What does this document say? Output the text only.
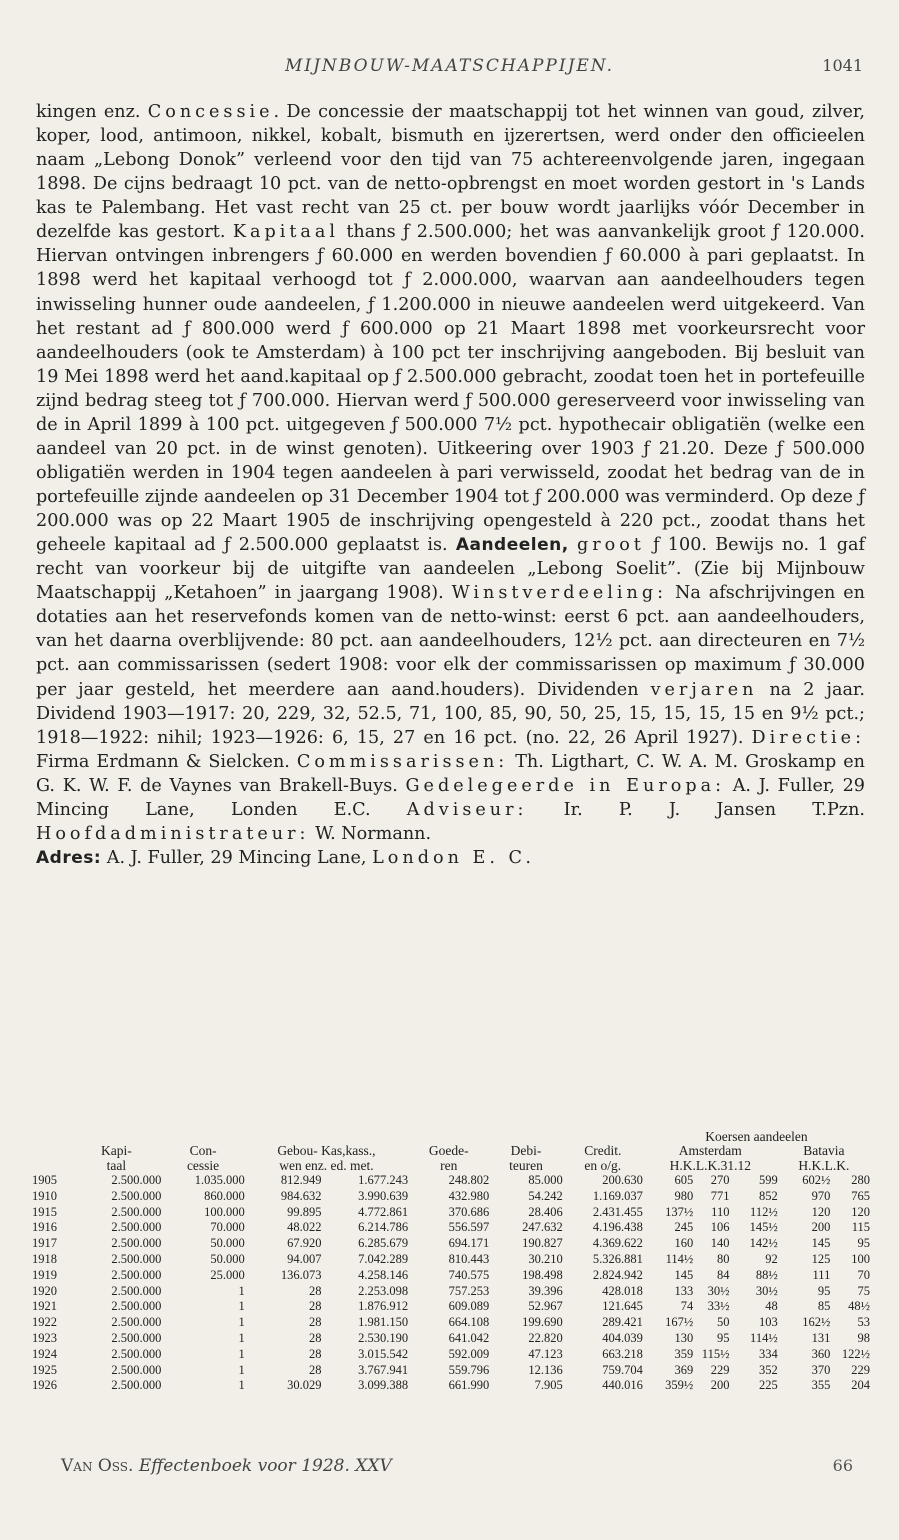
MIJNBOUW-MAATSCHAPPIJEN.	1041
kingen enz. Concessie. De concessie der maatschappij tot het winnen van goud, zilver, koper, lood, antimoon, nikkel, kobalt, bismuth en ijzerertsen, werd onder den officieelen naam „Lebong Donok” verleend voor den tijd van 75 achtereenvolgende jaren, ingegaan 1898. De cijns bedraagt 10 pct. van de netto-opbrengst en moet worden gestort in 's Lands kas te Palembang. Het vast recht van 25 ct. per bouw wordt jaarlijks vóór December in dezelfde kas gestort. Kapitaal thans ƒ 2.500.000; het was aanvankelijk groot ƒ 120.000. Hiervan ontvingen inbrengers ƒ 60.000 en werden bovendien ƒ 60.000 à pari geplaatst. In 1898 werd het kapitaal verhoogd tot ƒ 2.000.000, waarvan aan aandeelhouders tegen inwisseling hunner oude aandeelen, ƒ 1.200.000 in nieuwe aandeelen werd uitgekeerd. Van het restant ad ƒ 800.000 werd ƒ 600.000 op 21 Maart 1898 met voorkeursrecht voor aandeelhouders (ook te Amsterdam) à 100 pct ter inschrijving aangeboden. Bij besluit van 19 Mei 1898 werd het aand.kapitaal op ƒ 2.500.000 gebracht, zoodat toen het in portefeuille zijnd bedrag steeg tot ƒ 700.000. Hiervan werd ƒ 500.000 gereserveerd voor inwisseling van de in April 1899 à 100 pct. uitgegeven ƒ 500.000 7½ pct. hypothecair obligatiën (welke een aandeel van 20 pct. in de winst genoten). Uitkeering over 1903 ƒ 21.20. Deze ƒ 500.000 obligatiën werden in 1904 tegen aandeelen à pari verwisseld, zoodat het bedrag van de in portefeuille zijnde aandeelen op 31 December 1904 tot ƒ 200.000 was verminderd. Op deze ƒ 200.000 was op 22 Maart 1905 de inschrijving opengesteld à 220 pct., zoodat thans het geheele kapitaal ad ƒ 2.500.000 geplaatst is. Aandeelen, groot ƒ 100. Bewijs no. 1 gaf recht van voorkeur bij de uitgifte van aandeelen „Lebong Soelit”. (Zie bij Mijnbouw Maatschappij „Ketahoen” in jaargang 1908). Winstverdeeling: Na afschrijvingen en dotaties aan het reservefonds komen van de netto-winst: eerst 6 pct. aan aandeelhouders, van het daarna overblijvende: 80 pct. aan aandeelhouders, 12½ pct. aan directeuren en 7½ pct. aan commissarissen (sedert 1908: voor elk der commissarissen op maximum ƒ 30.000 per jaar gesteld, het meerdere aan aand.houders). Dividenden verjaren na 2 jaar. Dividend 1903—1917: 20, 229, 32, 52.5, 71, 100, 85, 90, 50, 25, 15, 15, 15, 15 en 9½ pct.; 1918—1922: nihil; 1923—1926: 6, 15, 27 en 16 pct. (no. 22, 26 April 1927). Directie: Firma Erdmann & Sielcken. Commissarissen: Th. Ligthart, C. W. A. M. Groskamp en G. K. W. F. de Vaynes van Brakell-Buys. Gedelegeerde in Europa: A. J. Fuller, 29 Mincing Lane, Londen E.C. Adviseur: Ir. P. J. Jansen T.Pzn. Hoofdadministrateur: W. Normann.
Adres: A. J. Fuller, 29 Mincing Lane, London E. C.
								Koersen aandeelen				
	Kapi-	Con-	Gebou- Kas,kass.,		Goede-	Debi-	Credit.	Amsterdam			Batavia	
	taal	cessie	wen enz. ed. met.		ren	teuren	en o/g.	H.K.L.K.31.12			H.K.L.K.	
1905	2.500.000	1.035.000	812.949	1.677.243	248.802	85.000	200.630	605	270	599	602½	280
1910	2.500.000	860.000	984.632	3.990.639	432.980	54.242	1.169.037	980	771	852	970	765
1915	2.500.000	100.000	99.895	4.772.861	370.686	28.406	2.431.455	137½	110	112½	120	120
1916	2.500.000	70.000	48.022	6.214.786	556.597	247.632	4.196.438	245	106	145½	200	115
1917	2.500.000	50.000	67.920	6.285.679	694.171	190.827	4.369.622	160	140	142½	145	95
1918	2.500.000	50.000	94.007	7.042.289	810.443	30.210	5.326.881	114½	80	92	125	100
1919	2.500.000	25.000	136.073	4.258.146	740.575	198.498	2.824.942	145	84	88½	111	70
1920	2.500.000	1	28	2.253.098	757.253	39.396	428.018	133	30½	30½	95	75
1921	2.500.000	1	28	1.876.912	609.089	52.967	121.645	74	33½	48	85	48½
1922	2.500.000	1	28	1.981.150	664.108	199.690	289.421	167½	50	103	162½	53
1923	2.500.000	1	28	2.530.190	641.042	22.820	404.039	130	95	114½	131	98
1924	2.500.000	1	28	3.015.542	592.009	47.123	663.218	359	115½	334	360	122½
1925	2.500.000	1	28	3.767.941	559.796	12.136	759.704	369	229	352	370	229
1926	2.500.000	1	30.029	3.099.388	661.990	7.905	440.016	359½	200	225	355	204
Van Oss. Effectenboek voor 1928. XXV	66
